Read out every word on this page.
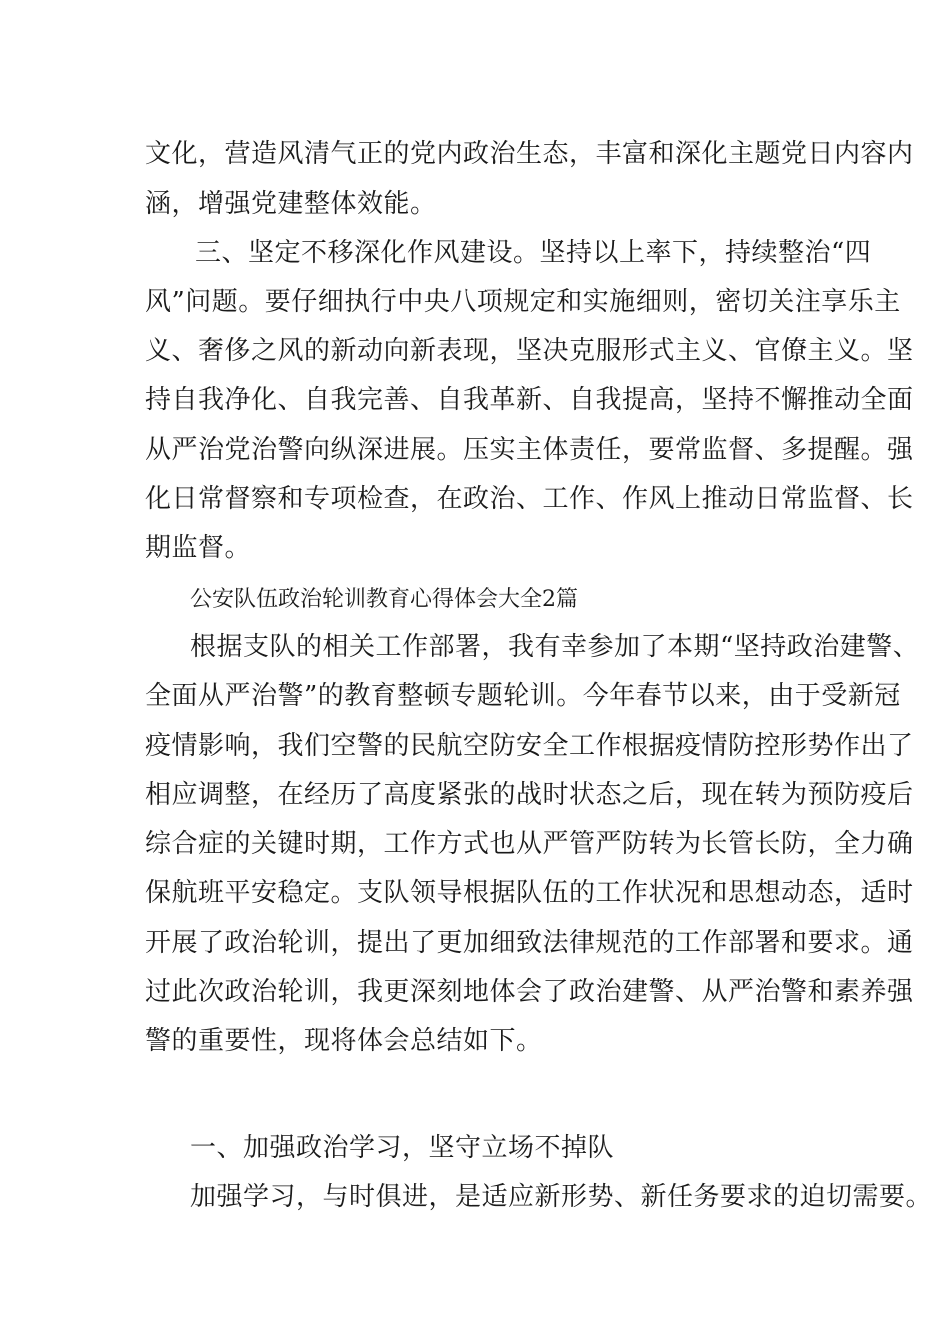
文化，营造风清气正的党内政治生态，丰富和深化主题党日内容内
涵，增强党建整体效能。
三、坚定不移深化作风建设。坚持以上率下，持续整治“四
风”问题。要仔细执行中央八项规定和实施细则，密切关注享乐主
义、奢侈之风的新动向新表现，坚决克服形式主义、官僚主义。坚
持自我净化、自我完善、自我革新、自我提高，坚持不懈推动全面
从严治党治警向纵深进展。压实主体责任，要常监督、多提醒。强
化日常督察和专项检查，在政治、工作、作风上推动日常监督、长
期监督。
公安队伍政治轮训教育心得体会大全2篇
根据支队的相关工作部署，我有幸参加了本期“坚持政治建警、
全面从严治警”的教育整顿专题轮训。今年春节以来，由于受新冠
疫情影响，我们空警的民航空防安全工作根据疫情防控形势作出了
相应调整，在经历了高度紧张的战时状态之后，现在转为预防疫后
综合症的关键时期，工作方式也从严管严防转为长管长防，全力确
保航班平安稳定。支队领导根据队伍的工作状况和思想动态，适时
开展了政治轮训，提出了更加细致法律规范的工作部署和要求。通
过此次政治轮训，我更深刻地体会了政治建警、从严治警和素养强
警的重要性，现将体会总结如下。
一、加强政治学习，坚守立场不掉队
加强学习，与时俱进，是适应新形势、新任务要求的迫切需要。
